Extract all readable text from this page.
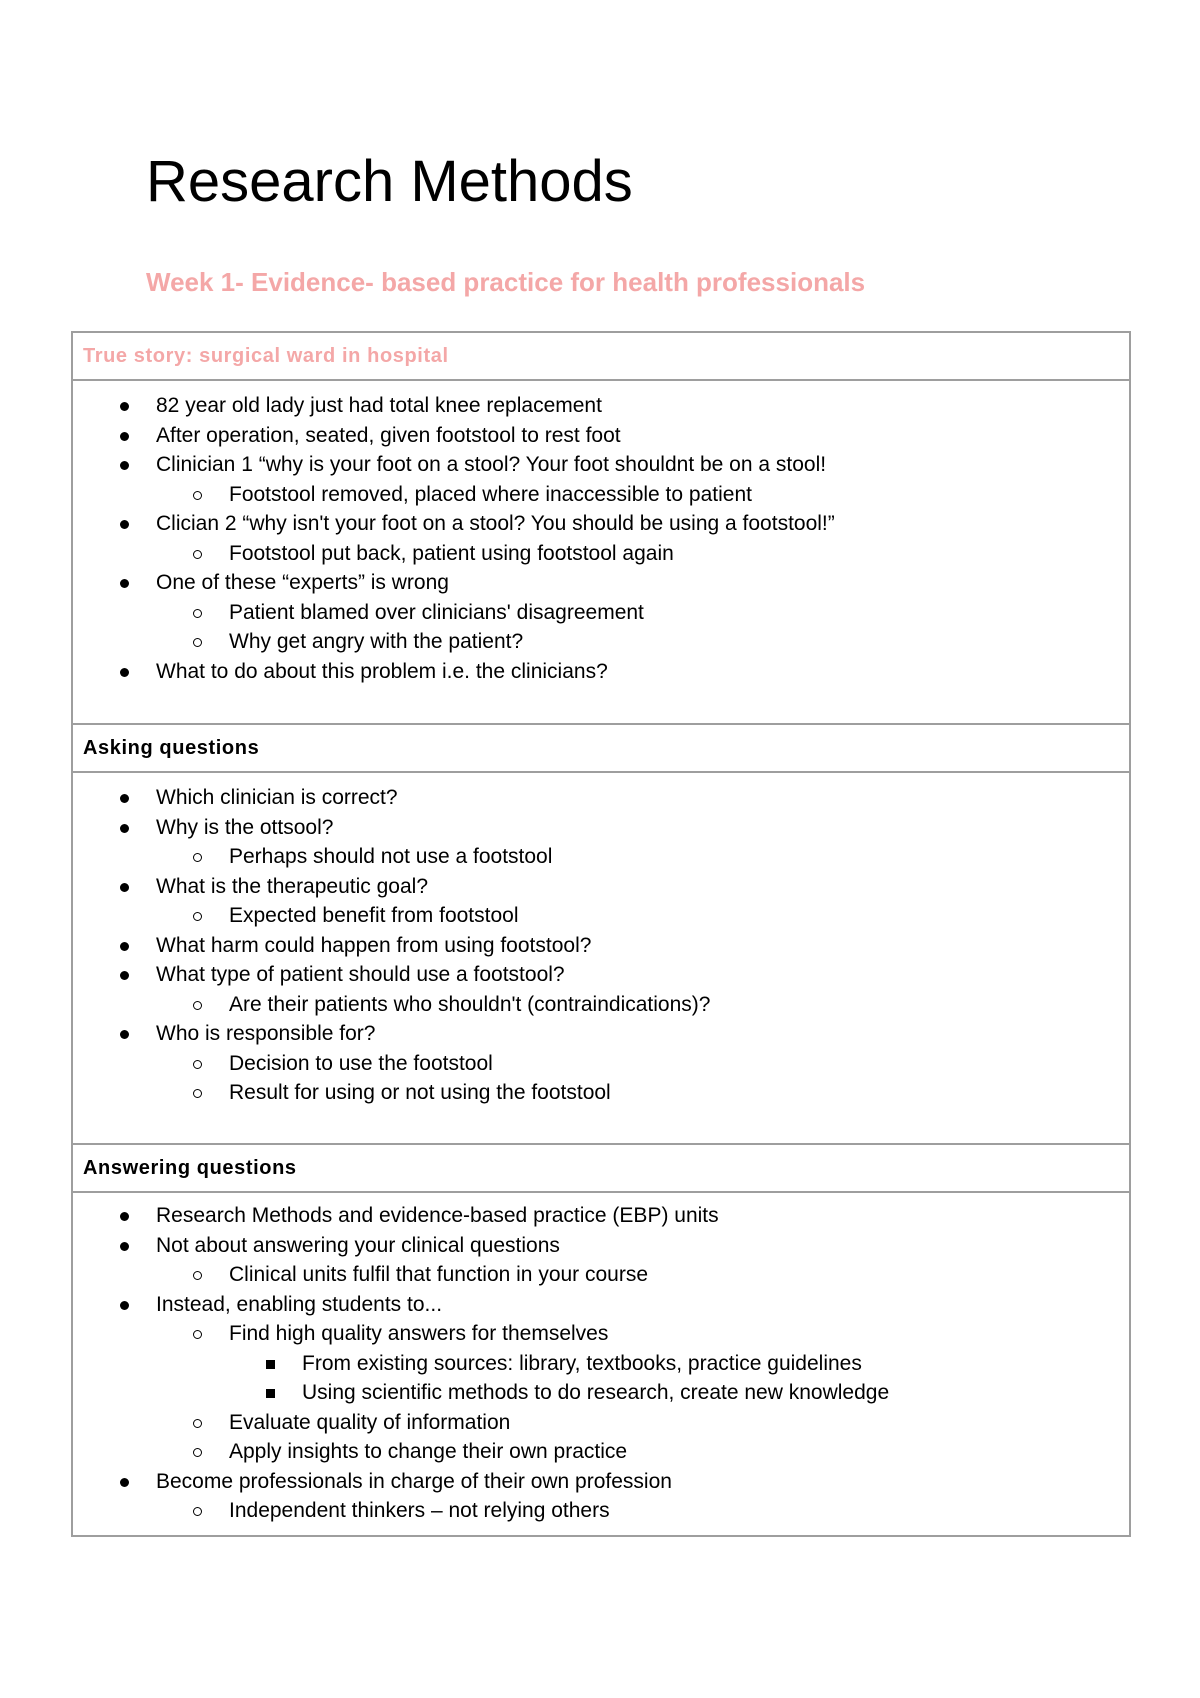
Research Methods
Week 1- Evidence- based practice for health professionals
True story: surgical ward in hospital
82 year old lady just had total knee replacement
After operation, seated, given footstool to rest foot
Clinician 1 “why is your foot on a stool? Your foot shouldnt be on a stool!
Footstool removed, placed where inaccessible to patient
Clician 2 “why isn't your foot on a stool? You should be using a footstool!”
Footstool put back, patient using footstool again
One of these “experts” is wrong
Patient blamed over clinicians' disagreement
Why get angry with the patient?
What to do about this problem i.e. the clinicians?
Asking questions
Which clinician is correct?
Why is the ottsool?
Perhaps should not use a footstool
What is the therapeutic goal?
Expected benefit from footstool
What harm could happen from using footstool?
What type of patient should use a footstool?
Are their patients who shouldn't (contraindications)?
Who is responsible for?
Decision to use the footstool
Result for using or not using the footstool
Answering questions
Research Methods and evidence-based practice (EBP) units
Not about answering your clinical questions
Clinical units fulfil that function in your course
Instead, enabling students to...
Find high quality answers for themselves
From existing sources: library, textbooks, practice guidelines
Using scientific methods to do research, create new knowledge
Evaluate quality of information
Apply insights to change their own practice
Become professionals in charge of their own profession
Independent thinkers – not relying others
